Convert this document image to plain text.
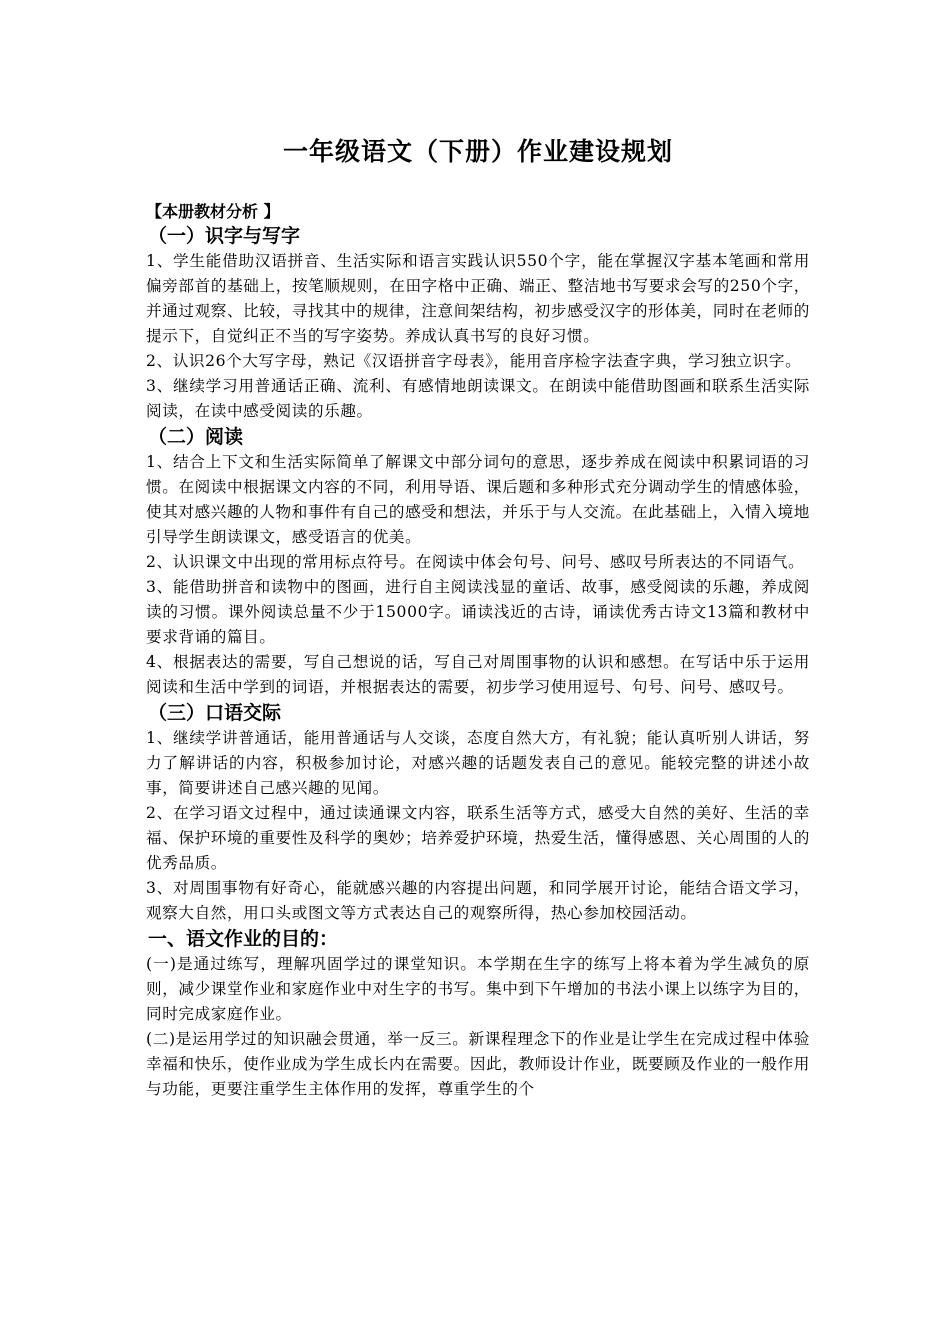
一年级语文（下册）作业建设规划
【本册教材分析 】
（一）识字与写字

1、学生能借助汉语拼音、生活实际和语言实践认识550个字，能在掌握汉字基本笔画和常用偏旁部首的基础上，按笔顺规则，在田字格中正确、端正、整洁地书写要求会写的250个字，并通过观察、比较，寻找其中的规律，注意间架结构，初步感受汉字的形体美，同时在老师的提示下，自觉纠正不当的写字姿势。养成认真书写的良好习惯。

2、认识26个大写字母，熟记《汉语拼音字母表》，能用音序检字法查字典，学习独立识字。

3、继续学习用普通话正确、流利、有感情地朗读课文。在朗读中能借助图画和联系生活实际阅读，在读中感受阅读的乐趣。

（二）阅读

1、结合上下文和生活实际简单了解课文中部分词句的意思，逐步养成在阅读中积累词语的习惯。在阅读中根据课文内容的不同，利用导语、课后题和多种形式充分调动学生的情感体验，使其对感兴趣的人物和事件有自己的感受和想法，并乐于与人交流。在此基础上，入情入境地引导学生朗读课文，感受语言的优美。

2、认识课文中出现的常用标点符号。在阅读中体会句号、问号、感叹号所表达的不同语气。

3、能借助拼音和读物中的图画，进行自主阅读浅显的童话、故事，感受阅读的乐趣，养成阅读的习惯。课外阅读总量不少于15000字。诵读浅近的古诗，诵读优秀古诗文13篇和教材中要求背诵的篇目。

4、根据表达的需要，写自己想说的话，写自己对周围事物的认识和感想。在写话中乐于运用阅读和生活中学到的词语，并根据表达的需要，初步学习使用逗号、句号、问号、感叹号。

（三）口语交际

1、继续学讲普通话，能用普通话与人交谈，态度自然大方，有礼貌；能认真听别人讲话，努力了解讲话的内容，积极参加讨论，对感兴趣的话题发表自己的意见。能较完整的讲述小故事，简要讲述自己感兴趣的见闻。

2、在学习语文过程中，通过读通课文内容，联系生活等方式，感受大自然的美好、生活的幸福、保护环境的重要性及科学的奥妙；培养爱护环境，热爱生活，懂得感恩、关心周围的人的优秀品质。

3、对周围事物有好奇心，能就感兴趣的内容提出问题，和同学展开讨论，能结合语文学习，观察大自然，用口头或图文等方式表达自己的观察所得，热心参加校园活动。

一、语文作业的目的：

(一)是通过练写，理解巩固学过的课堂知识。本学期在生字的练写上将本着为学生减负的原则，减少课堂作业和家庭作业中对生字的书写。集中到下午增加的书法小课上以练字为目的，同时完成家庭作业。

(二)是运用学过的知识融会贯通，举一反三。新课程理念下的作业是让学生在完成过程中体验幸福和快乐，使作业成为学生成长内在需要。因此，教师设计作业，既要顾及作业的一般作用与功能，更要注重学生主体作用的发挥，尊重学生的个
